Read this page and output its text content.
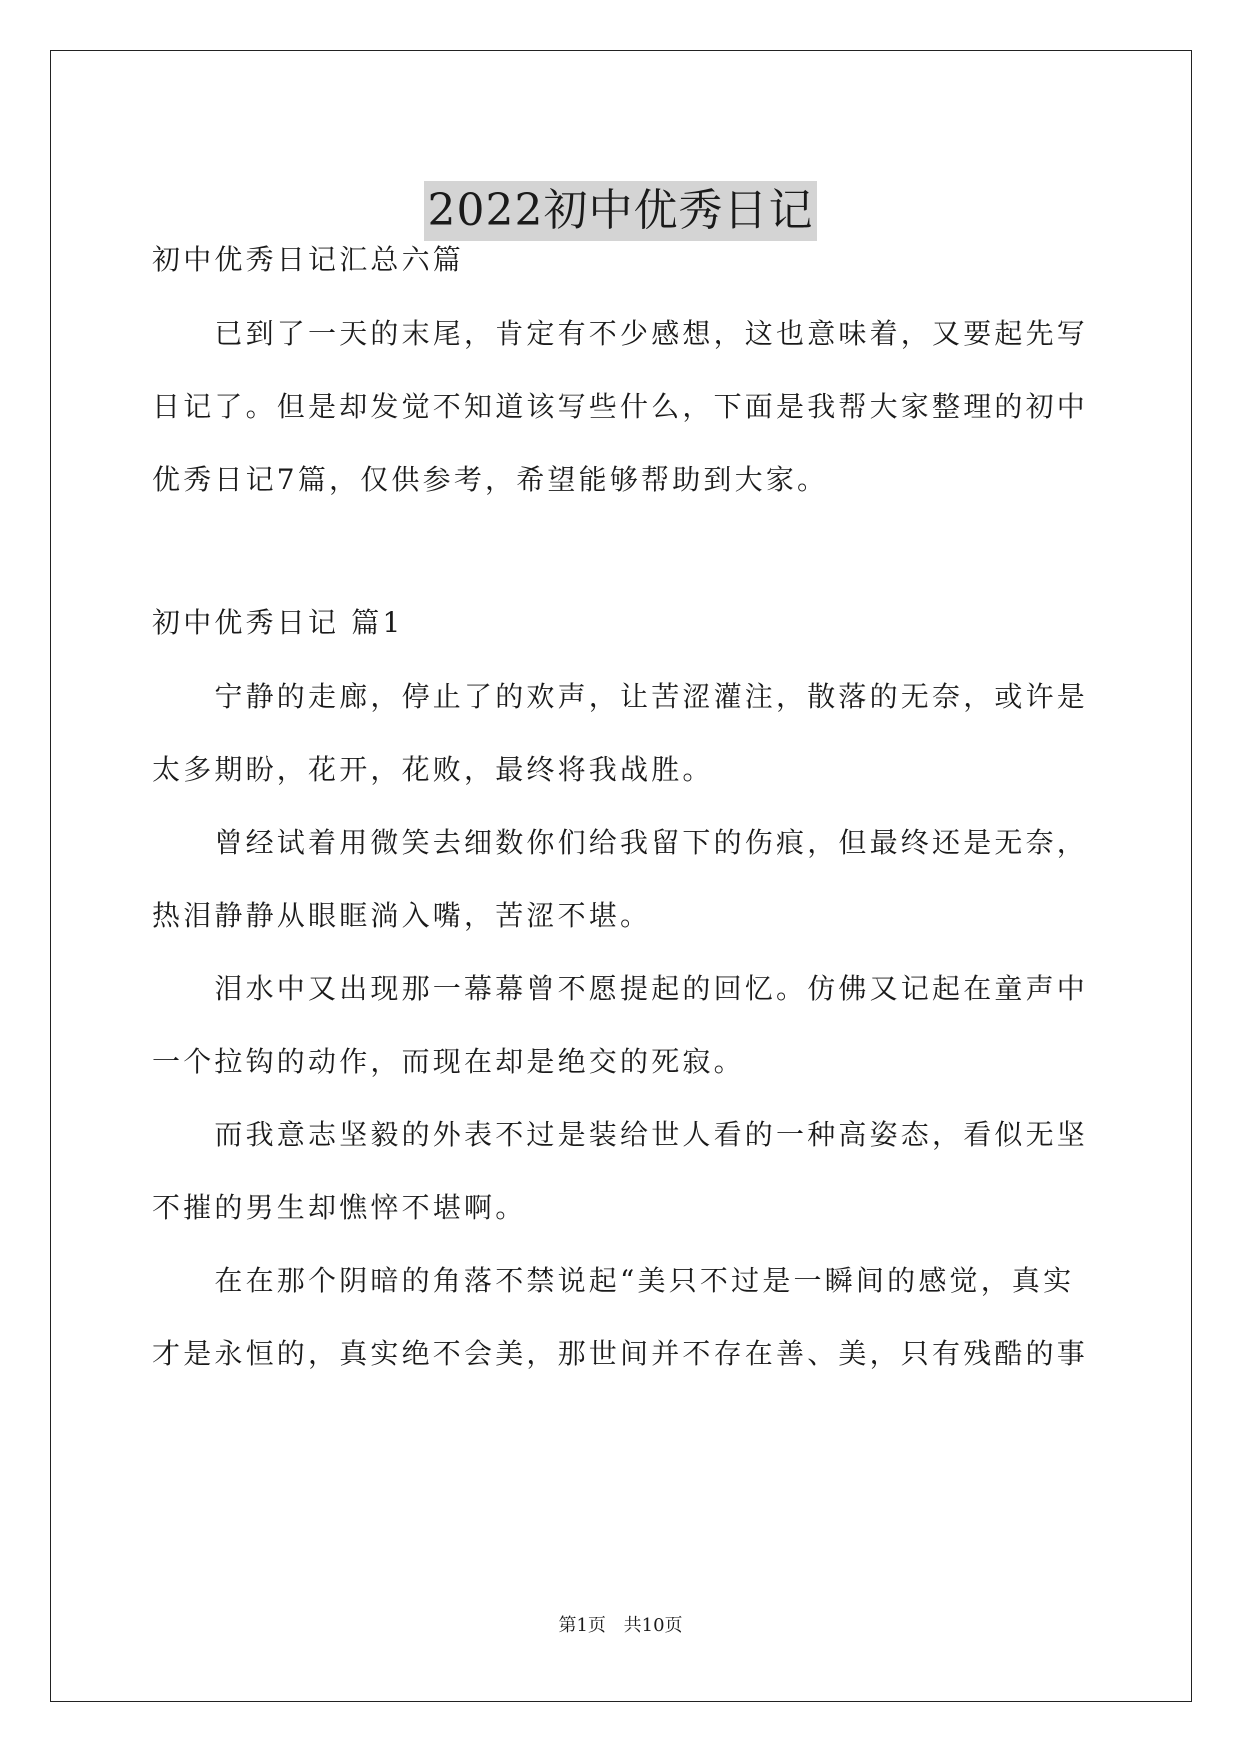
2022初中优秀日记
初中优秀日记汇总六篇
　　已到了一天的末尾，肯定有不少感想，这也意味着，又要起先写
日记了。但是却发觉不知道该写些什么，下面是我帮大家整理的初中
优秀日记7篇，仅供参考，希望能够帮助到大家。
初中优秀日记 篇1
　　宁静的走廊，停止了的欢声，让苦涩灌注，散落的无奈，或许是
太多期盼，花开，花败，最终将我战胜。
　　曾经试着用微笑去细数你们给我留下的伤痕，但最终还是无奈，
热泪静静从眼眶淌入嘴，苦涩不堪。
　　泪水中又出现那一幕幕曾不愿提起的回忆。仿佛又记起在童声中
一个拉钩的动作，而现在却是绝交的死寂。
　　而我意志坚毅的外表不过是装给世人看的一种高姿态，看似无坚
不摧的男生却憔悴不堪啊。
　　在在那个阴暗的角落不禁说起“美只不过是一瞬间的感觉，真实
才是永恒的，真实绝不会美，那世间并不存在善、美，只有残酷的事
第1页 共10页
